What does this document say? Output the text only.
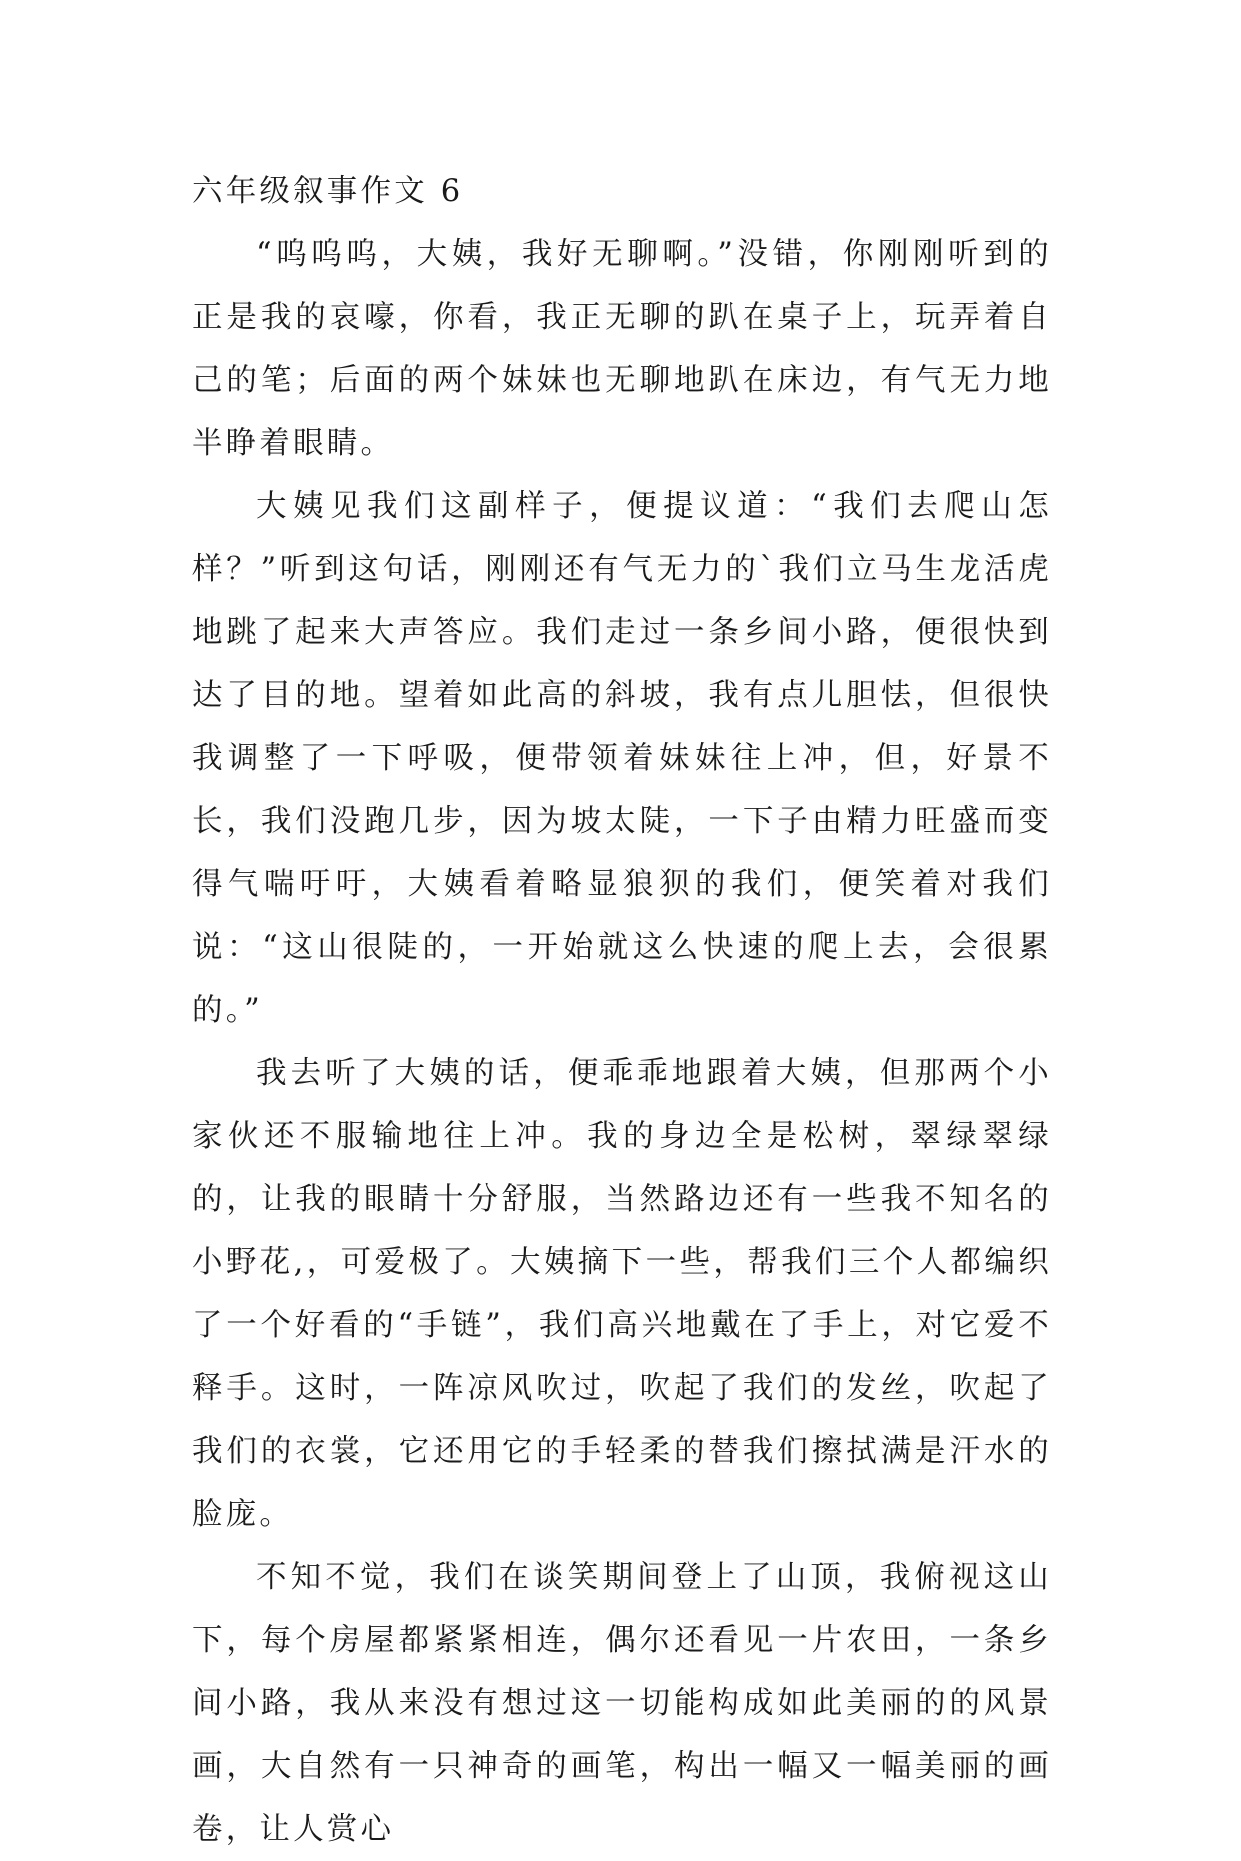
六年级叙事作文 6

“呜呜呜，大姨，我好无聊啊。”没错，你刚刚听到的正是我的哀嚎，你看，我正无聊的趴在桌子上，玩弄着自己的笔；后面的两个妹妹也无聊地趴在床边，有气无力地半睁着眼睛。

大姨见我们这副样子，便提议道：“我们去爬山怎样？”听到这句话，刚刚还有气无力的`我们立马生龙活虎地跳了起来大声答应。我们走过一条乡间小路，便很快到达了目的地。望着如此高的斜坡，我有点儿胆怯，但很快我调整了一下呼吸，便带领着妹妹往上冲，但，好景不长，我们没跑几步，因为坡太陡，一下子由精力旺盛而变得气喘吁吁，大姨看着略显狼狈的我们，便笑着对我们说：“这山很陡的，一开始就这么快速的爬上去，会很累的。”

我去听了大姨的话，便乖乖地跟着大姨，但那两个小家伙还不服输地往上冲。我的身边全是松树，翠绿翠绿的，让我的眼睛十分舒服，当然路边还有一些我不知名的小野花,，可爱极了。大姨摘下一些，帮我们三个人都编织了一个好看的“手链”，我们高兴地戴在了手上，对它爱不释手。这时，一阵凉风吹过，吹起了我们的发丝，吹起了我们的衣裳，它还用它的手轻柔的替我们擦拭满是汗水的脸庞。

不知不觉，我们在谈笑期间登上了山顶，我俯视这山下，每个房屋都紧紧相连，偶尔还看见一片农田，一条乡间小路，我从来没有想过这一切能构成如此美丽的的风景画，大自然有一只神奇的画笔，构出一幅又一幅美丽的画卷，让人赏心
